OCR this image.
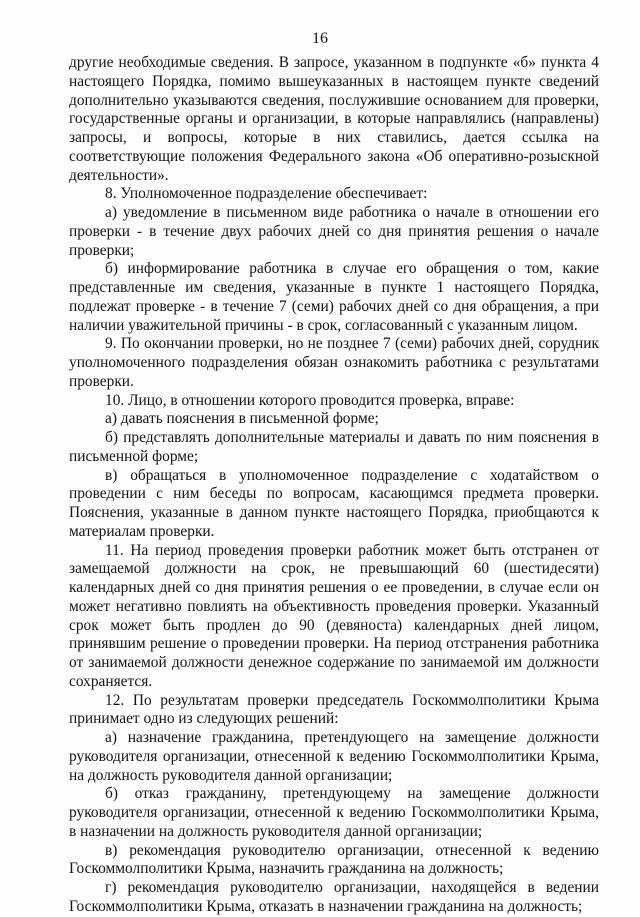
16

другие необходимые сведения. В запросе, указанном в подпункте «б» пункта 4 настоящего Порядка, помимо вышеуказанных в настоящем пункте сведений дополнительно указываются сведения, послужившие основанием для проверки, государственные органы и организации, в которые направлялись (направлены) запросы, и вопросы, которые в них ставились, дается ссылка на соответствующие положения Федерального закона «Об оперативно-розыскной деятельности».

8. Уполномоченное подразделение обеспечивает:

а) уведомление в письменном виде работника о начале в отношении его проверки - в течение двух рабочих дней со дня принятия решения о начале проверки;

б) информирование работника в случае его обращения о том, какие представленные им сведения, указанные в пункте 1 настоящего Порядка, подлежат проверке - в течение 7 (семи) рабочих дней со дня обращения, а при наличии уважительной причины - в срок, согласованный с указанным лицом.

9. По окончании проверки, но не позднее 7 (семи) рабочих дней, сорудник уполномоченного подразделения обязан ознакомить работника с результатами проверки.

10. Лицо, в отношении которого проводится проверка, вправе:

а) давать пояснения в письменной форме;

б) представлять дополнительные материалы и давать по ним пояснения в письменной форме;

в) обращаться в уполномоченное подразделение с ходатайством о проведении с ним беседы по вопросам, касающимся предмета проверки. Пояснения, указанные в данном пункте настоящего Порядка, приобщаются к материалам проверки.

11. На период проведения проверки работник может быть отстранен от замещаемой должности на срок, не превышающий 60 (шестидесяти) календарных дней со дня принятия решения о ее проведении, в случае если он может негативно повлиять на объективность проведения проверки. Указанный срок может быть продлен до 90 (девяноста) календарных дней лицом, принявшим решение о проведении проверки. На период отстранения работника от занимаемой должности денежное содержание по занимаемой им должности сохраняется.

12. По результатам проверки председатель Госкоммолполитики Крыма принимает одно из следующих решений:

а) назначение гражданина, претендующего на замещение должности руководителя организации, отнесенной к ведению Госкоммолполитики Крыма, на должность руководителя данной организации;

б) отказ гражданину, претендующему на замещение должности руководителя организации, отнесенной к ведению Госкоммолполитики Крыма, в назначении на должность руководителя данной организации;

в) рекомендация руководителю организации, отнесенной к ведению Госкоммолполитики Крыма, назначить гражданина на должность;

г) рекомендация руководителю организации, находящейся в ведении Госкоммолполитики Крыма, отказать в назначении гражданина на должность;
